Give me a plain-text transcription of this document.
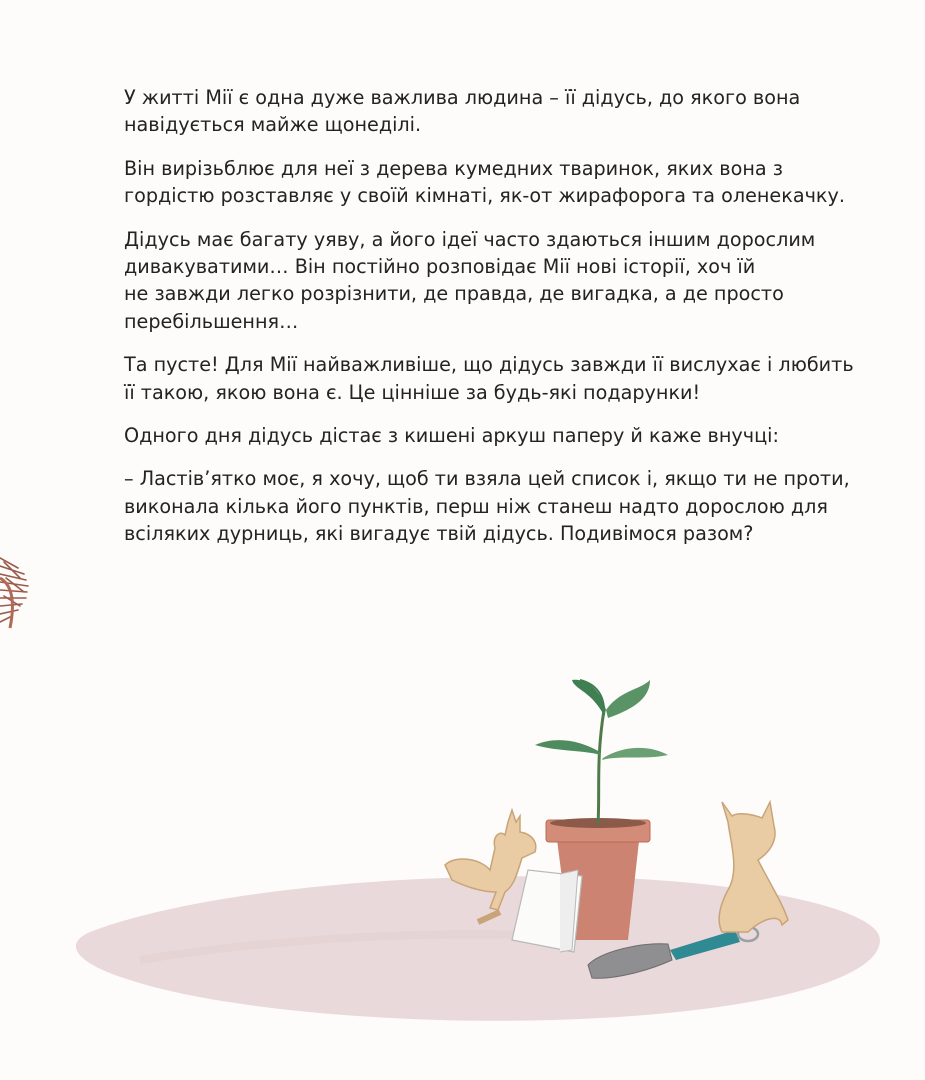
У житті Мії є одна дуже важлива людина – її дідусь, до якого вона
навідується майже щонеділі.

Він вирізьблює для неї з дерева кумедних тваринок, яких вона з
гордістю розставляє у своїй кімнаті, як-от жирафорога та оленекачку.

Дідусь має багату уяву, а його ідеї часто здаються іншим дорослим
дивакуватими… Він постійно розповідає Мії нові історії, хоч їй
не завжди легко розрізнити, де правда, де вигадка, а де просто
перебільшення…

Та пусте! Для Мії найважливіше, що дідусь завжди її вислухає і любить
її такою, якою вона є. Це цінніше за будь-які подарунки!

Одного дня дідусь дістає з кишені аркуш паперу й каже внучці:

– Ластів’ятко моє, я хочу, щоб ти взяла цей список і, якщо ти не проти,
виконала кілька його пунктів, перш ніж станеш надто дорослою для
всіляких дурниць, які вигадує твій дідусь. Подивімося разом?
